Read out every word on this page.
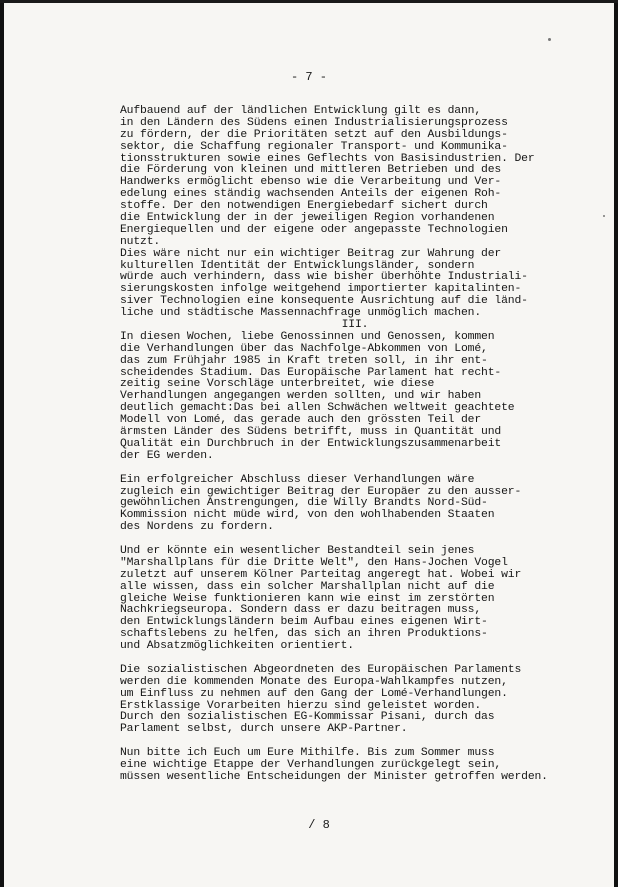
- 7 -
Aufbauend auf der ländlichen Entwicklung gilt es dann,
in den Ländern des Südens einen Industrialisierungsprozess
zu fördern, der die Prioritäten setzt auf den Ausbildungs-
sektor, die Schaffung regionaler Transport- und Kommunika-
tionsstrukturen sowie eines Geflechts von Basisindustrien. Der
die Förderung von kleinen und mittleren Betrieben und des
Handwerks ermöglicht ebenso wie die Verarbeitung und Ver-
edelung eines ständig wachsenden Anteils der eigenen Roh-
stoffe. Der den notwendigen Energiebedarf sichert durch
die Entwicklung der in der jeweiligen Region vorhandenen
Energiequellen und der eigene oder angepasste Technologien
nutzt.
Dies wäre nicht nur ein wichtiger Beitrag zur Wahrung der
kulturellen Identität der Entwicklungsländer, sondern
würde auch verhindern, dass wie bisher überhöhte Industriali-
sierungskosten infolge weitgehend importierter kapitalinten-
siver Technologien eine konsequente Ausrichtung auf die länd-
liche und städtische Massennachfrage unmöglich machen.
III.
In diesen Wochen, liebe Genossinnen und Genossen, kommen
die Verhandlungen über das Nachfolge-Abkommen von Lomé,
das zum Frühjahr 1985 in Kraft treten soll, in ihr ent-
scheidendes Stadium. Das Europäische Parlament hat recht-
zeitig seine Vorschläge unterbreitet, wie diese
Verhandlungen angegangen werden sollten, und wir haben
deutlich gemacht:Das bei allen Schwächen weltweit geachtete
Modell von Lomé, das gerade auch den grössten Teil der
ärmsten Länder des Südens betrifft, muss in Quantität und
Qualität ein Durchbruch in der Entwicklungszusammenarbeit
der EG werden.
Ein erfolgreicher Abschluss dieser Verhandlungen wäre
zugleich ein gewichtiger Beitrag der Europäer zu den ausser-
gewöhnlichen Anstrengungen, die Willy Brandts Nord-Süd-
Kommission nicht müde wird, von den wohlhabenden Staaten
des Nordens zu fordern.
Und er könnte ein wesentlicher Bestandteil sein jenes
"Marshallplans für die Dritte Welt", den Hans-Jochen Vogel
zuletzt auf unserem Kölner Parteitag angeregt hat. Wobei wir
alle wissen, dass ein solcher Marshallplan nicht auf die
gleiche Weise funktionieren kann wie einst im zerstörten
Nachkriegseuropa. Sondern dass er dazu beitragen muss,
den Entwicklungsländern beim Aufbau eines eigenen Wirt-
schaftslebens zu helfen, das sich an ihren Produktions-
und Absatzmöglichkeiten orientiert.
Die sozialistischen Abgeordneten des Europäischen Parlaments
werden die kommenden Monate des Europa-Wahlkampfes nutzen,
um Einfluss zu nehmen auf den Gang der Lomé-Verhandlungen.
Erstklassige Vorarbeiten hierzu sind geleistet worden.
Durch den sozialistischen EG-Kommissar Pisani, durch das
Parlament selbst, durch unsere AKP-Partner.
Nun bitte ich Euch um Eure Mithilfe. Bis zum Sommer muss
eine wichtige Etappe der Verhandlungen zurückgelegt sein,
müssen wesentliche Entscheidungen der Minister getroffen werden.
/ 8
